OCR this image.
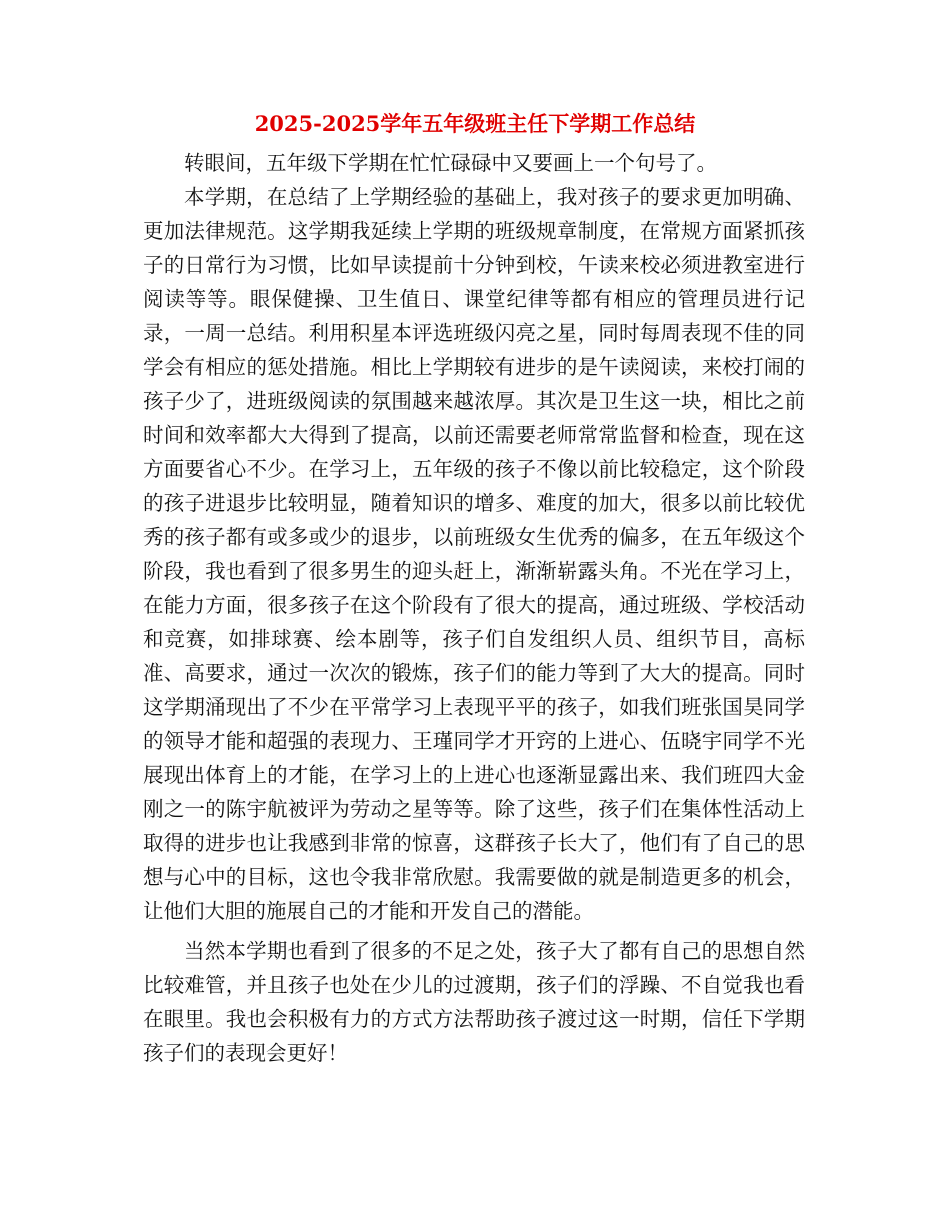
2025-2025学年五年级班主任下学期工作总结

转眼间，五年级下学期在忙忙碌碌中又要画上一个句号了。

本学期，在总结了上学期经验的基础上，我对孩子的要求更加明确、更加法律规范。这学期我延续上学期的班级规章制度，在常规方面紧抓孩子的日常行为习惯，比如早读提前十分钟到校，午读来校必须进教室进行阅读等等。眼保健操、卫生值日、课堂纪律等都有相应的管理员进行记录，一周一总结。利用积星本评选班级闪亮之星，同时每周表现不佳的同学会有相应的惩处措施。相比上学期较有进步的是午读阅读，来校打闹的孩子少了，进班级阅读的氛围越来越浓厚。其次是卫生这一块，相比之前时间和效率都大大得到了提高，以前还需要老师常常监督和检查，现在这方面要省心不少。在学习上，五年级的孩子不像以前比较稳定，这个阶段的孩子进退步比较明显，随着知识的增多、难度的加大，很多以前比较优秀的孩子都有或多或少的退步，以前班级女生优秀的偏多，在五年级这个阶段，我也看到了很多男生的迎头赶上，渐渐崭露头角。不光在学习上，在能力方面，很多孩子在这个阶段有了很大的提高，通过班级、学校活动和竞赛，如排球赛、绘本剧等，孩子们自发组织人员、组织节目，高标准、高要求，通过一次次的锻炼，孩子们的能力等到了大大的提高。同时这学期涌现出了不少在平常学习上表现平平的孩子，如我们班张国昊同学的领导才能和超强的表现力、王瑾同学才开窍的上进心、伍晓宇同学不光展现出体育上的才能，在学习上的上进心也逐渐显露出来、我们班四大金刚之一的陈宇航被评为劳动之星等等。除了这些，孩子们在集体性活动上取得的进步也让我感到非常的惊喜，这群孩子长大了，他们有了自己的思想与心中的目标，这也令我非常欣慰。我需要做的就是制造更多的机会，让他们大胆的施展自己的才能和开发自己的潜能。

当然本学期也看到了很多的不足之处，孩子大了都有自己的思想自然比较难管，并且孩子也处在少儿的过渡期，孩子们的浮躁、不自觉我也看在眼里。我也会积极有力的方式方法帮助孩子渡过这一时期，信任下学期孩子们的表现会更好！
